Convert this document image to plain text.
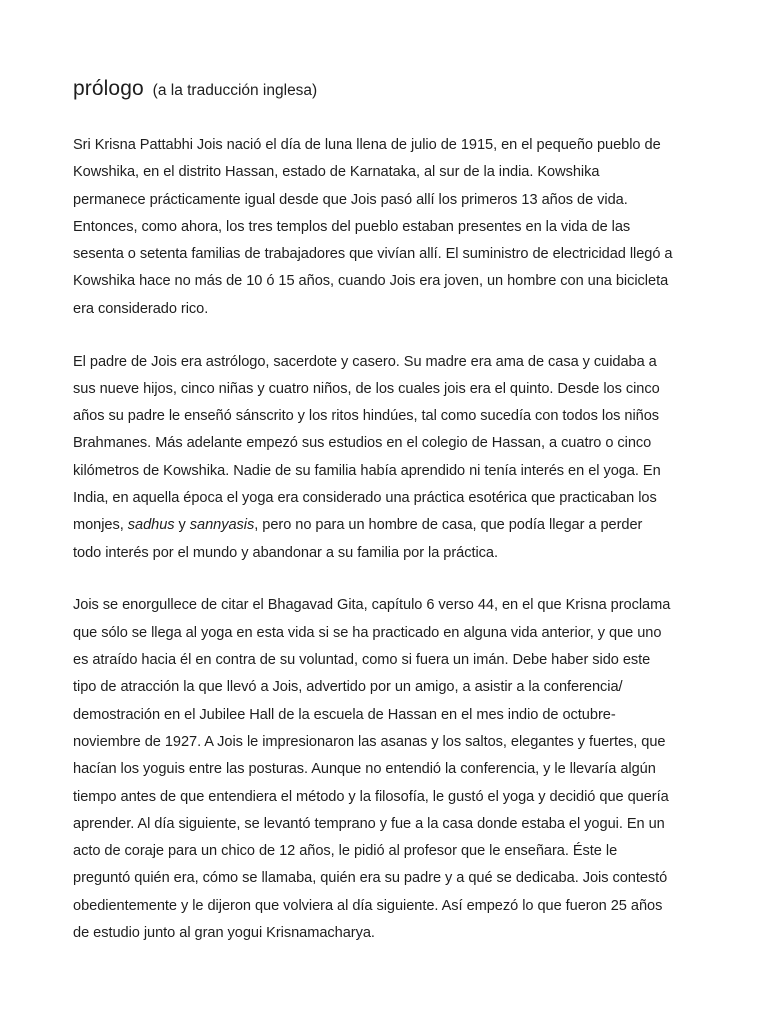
prólogo (a la traducción inglesa)

Sri Krisna Pattabhi Jois nació el día de luna llena de julio de 1915, en el pequeño pueblo de
Kowshika, en el distrito Hassan, estado de Karnataka, al sur de la india. Kowshika
permanece prácticamente igual desde que Jois pasó allí los primeros 13 años de vida.
Entonces, como ahora, los tres templos del pueblo estaban presentes en la vida de las
sesenta o setenta familias de trabajadores que vivían allí. El suministro de electricidad llegó a
Kowshika hace no más de 10 ó 15 años, cuando Jois era joven, un hombre con una bicicleta
era considerado rico.

El padre de Jois era astrólogo, sacerdote y casero. Su madre era ama de casa y cuidaba a
sus nueve hijos, cinco niñas y cuatro niños, de los cuales jois era el quinto. Desde los cinco
años su padre le enseñó sánscrito y los ritos hindúes, tal como sucedía con todos los niños
Brahmanes. Más adelante empezó sus estudios en el colegio de Hassan, a cuatro o cinco
kilómetros de Kowshika. Nadie de su familia había aprendido ni tenía interés en el yoga. En
India, en aquella época el yoga era considerado una práctica esotérica que practicaban los
monjes, sadhus y sannyasis, pero no para un hombre de casa, que podía llegar a perder
todo interés por el mundo y abandonar a su familia por la práctica.

Jois se enorgullece de citar el Bhagavad Gita, capítulo 6 verso 44, en el que Krisna proclama
que sólo se llega al yoga en esta vida si se ha practicado en alguna vida anterior, y que uno
es atraído hacia él en contra de su voluntad, como si fuera un imán. Debe haber sido este
tipo de atracción la que llevó a Jois, advertido por un amigo, a asistir a la conferencia/
demostración en el Jubilee Hall de la escuela de Hassan en el mes indio de octubre-
noviembre de 1927. A Jois le impresionaron las asanas y los saltos, elegantes y fuertes, que
hacían los yoguis entre las posturas. Aunque no entendió la conferencia, y le llevaría algún
tiempo antes de que entendiera el método y la filosofía, le gustó el yoga y decidió que quería
aprender. Al día siguiente, se levantó temprano y fue a la casa donde estaba el yogui. En un
acto de coraje para un chico de 12 años, le pidió al profesor que le enseñara. Éste le
preguntó quién era, cómo se llamaba, quién era su padre y a qué se dedicaba. Jois contestó
obedientemente y le dijeron que volviera al día siguiente. Así empezó lo que fueron 25 años
de estudio junto al gran yogui Krisnamacharya.
